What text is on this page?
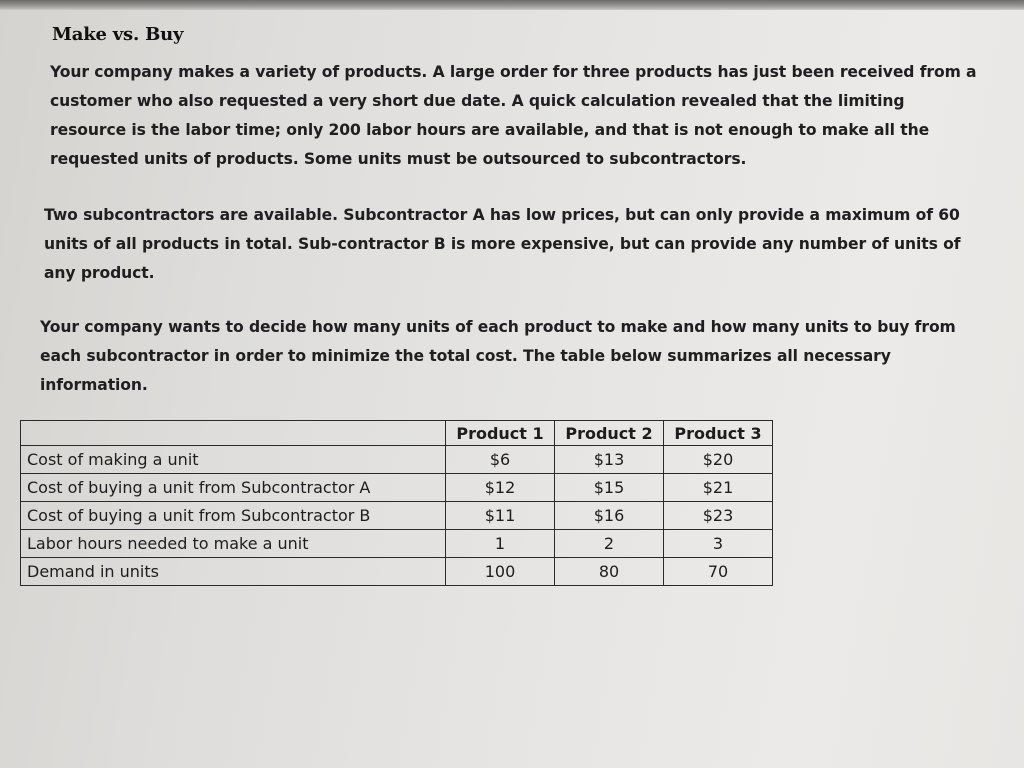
Make vs. Buy
Your company makes a variety of products. A large order for three products has just been received from a customer who also requested a very short due date. A quick calculation revealed that the limiting resource is the labor time; only 200 labor hours are available, and that is not enough to make all the requested units of products. Some units must be outsourced to subcontractors.
Two subcontractors are available. Subcontractor A has low prices, but can only provide a maximum of 60 units of all products in total. Sub-contractor B is more expensive, but can provide any number of units of any product.
Your company wants to decide how many units of each product to make and how many units to buy from each subcontractor in order to minimize the total cost. The table below summarizes all necessary information.
	Product 1	Product 2	Product 3
Cost of making a unit	$6	$13	$20
Cost of buying a unit from Subcontractor A	$12	$15	$21
Cost of buying a unit from Subcontractor B	$11	$16	$23
Labor hours needed to make a unit	1	2	3
Demand in units	100	80	70
